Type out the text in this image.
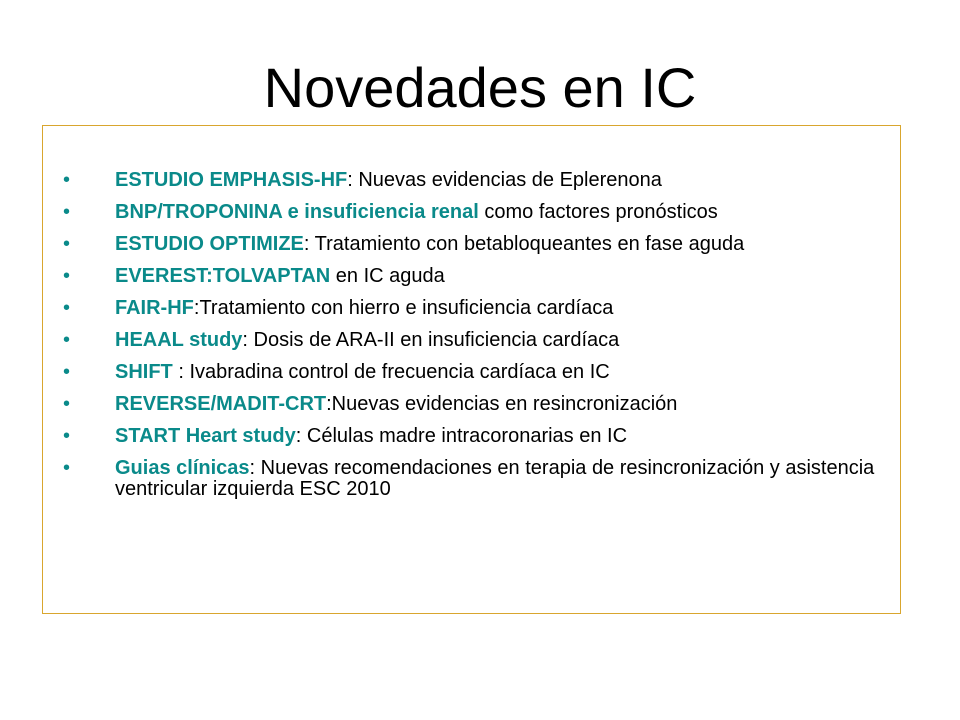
Novedades en IC
• ESTUDIO EMPHASIS-HF: Nuevas evidencias de Eplerenona
• BNP/TROPONINA e insuficiencia renal como factores pronósticos
• ESTUDIO OPTIMIZE: Tratamiento con betabloqueantes en fase aguda
• EVEREST:TOLVAPTAN en IC aguda
• FAIR-HF:Tratamiento con hierro e insuficiencia cardíaca
• HEAAL study: Dosis de ARA-II en insuficiencia cardíaca
• SHIFT : Ivabradina control de frecuencia cardíaca en IC
• REVERSE/MADIT-CRT:Nuevas evidencias en resincronización
• START Heart study: Células madre intracoronarias en IC
• Guias clínicas: Nuevas recomendaciones en terapia de resincronización y asistencia ventricular izquierda ESC 2010
